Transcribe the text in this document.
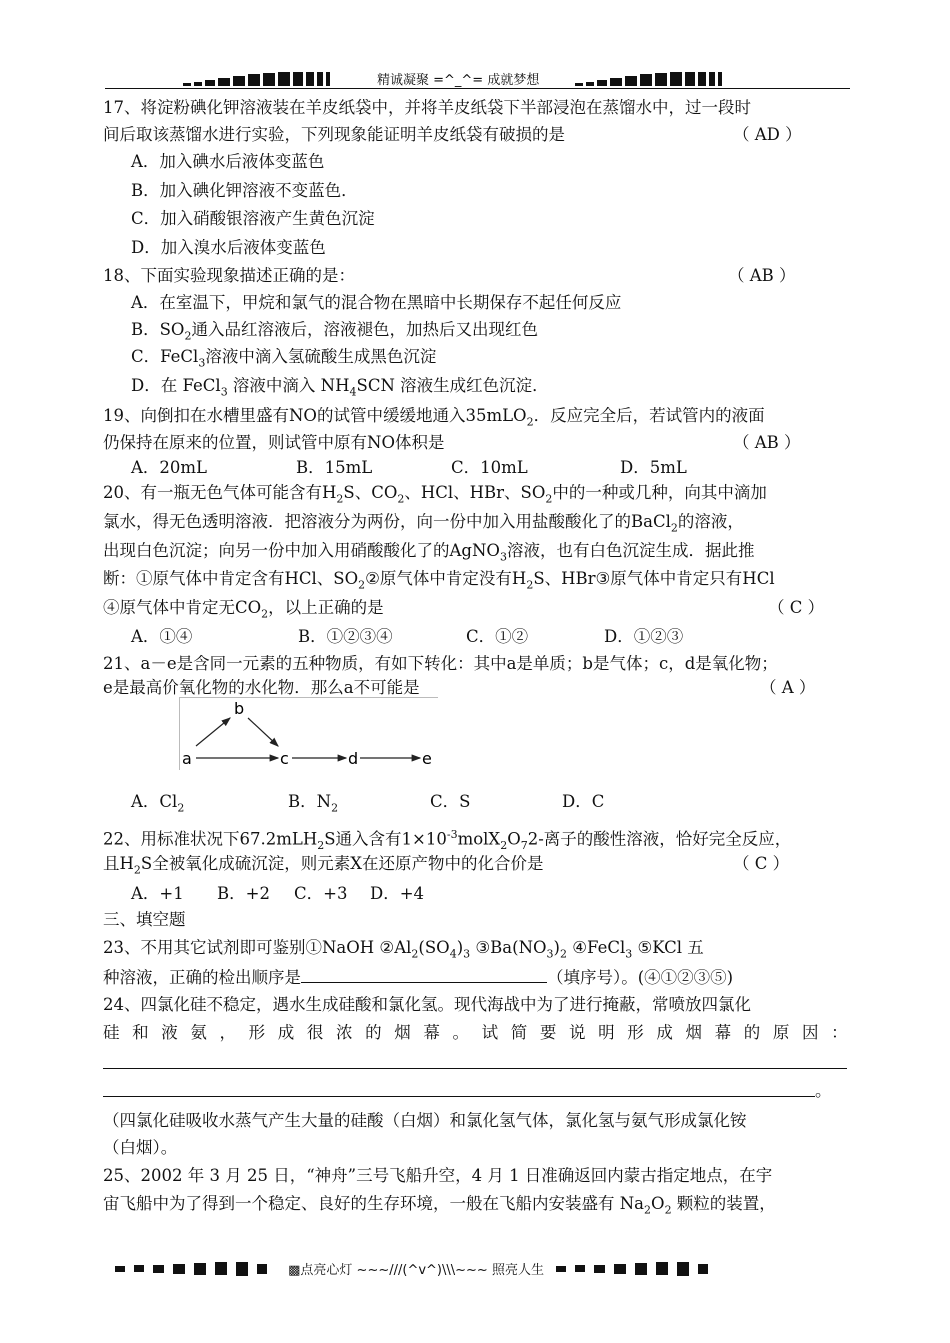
精诚凝聚 =^_^= 成就梦想
17、将淀粉碘化钾溶液装在羊皮纸袋中，并将羊皮纸袋下半部浸泡在蒸馏水中，过一段时
间后取该蒸馏水进行实验，下列现象能证明羊皮纸袋有破损的是	（ AD ）
A．加入碘水后液体变蓝色
B．加入碘化钾溶液不变蓝色．
C．加入硝酸银溶液产生黄色沉淀
D．加入溴水后液体变蓝色
18、下面实验现象描述正确的是：	（ AB ）
A．在室温下，甲烷和氯气的混合物在黑暗中长期保存不起任何反应
B．$SO_2$通入品红溶液后，溶液褪色，加热后又出现红色
C．FeCl$_3$溶液中滴入氢硫酸生成黑色沉淀
D．在 FeCl$_3$ 溶液中滴入 $NH_4SCN$ 溶液生成红色沉淀．
19、向倒扣在水槽里盛有NO的试管中缓缓地通入35mLO$_2$．反应完全后，若试管内的液面
仍保持在原来的位置，则试管中原有NO体积是	（ AB ）
A．20mL	B．15mL	C．10mL	D．5mL
20、有一瓶无色气体可能含有$H_2S$、$CO_2$、HCl、HBr、$SO_2$中的一种或几种，向其中滴加
氯水，得无色透明溶液．把溶液分为两份，向一份中加入用盐酸酸化了的BaCl$_2$的溶液，
出现白色沉淀；向另一份中加入用硝酸酸化了的AgNO$_3$溶液，也有白色沉淀生成．据此推
断：①原气体中肯定含有HCl、$SO_2②$原气体中肯定没有$H_2S$、HBr③原气体中肯定只有HCl
④原气体中肯定无$CO_2$，以上正确的是	（ C ）
A．①④	B．①②③④	C．①②	D．①②③
21、a－e是含同一元素的五种物质，有如下转化：其中a是单质；b是气体；c，d是氧化物；
e是最高价氧化物的水化物．那么a不可能是	（ A ）
a
b
c	d	e
A．$Cl_2$	B．$N_2$	C．S	D．C
22、用标准状况下67.2mLH$_2$S通入含有$1\times 10^{-3}molX_2O_72-$离子的酸性溶液，恰好完全反应，
且$H_2S$全被氧化成硫沉淀，则元素X在还原产物中的化合价是	（ C ）
A．+1 B．+2 C．+3 D．+4
三、填空题
23、不用其它试剂即可鉴别①NaOH $②Al_2(SO_4)_3$ $③Ba(NO_3)_2$ ④FeCl$_3$ ⑤KCl 五
种溶液，正确的检出顺序是	（填序号）。(④①②③⑤)
24、四氯化硅不稳定，遇水生成硅酸和氯化氢。现代海战中为了进行掩蔽，常喷放四氯化
硅 和 液 氨 ， 形 成 很 浓 的 烟 幕 。 试 简 要 说 明 形 成 烟 幕 的 原 因 ：
。
（四氯化硅吸收水蒸气产生大量的硅酸（白烟）和氯化氢气体，氯化氢与氨气形成氯化铵
（白烟）。
25、2002 年 3 月 25 日，“神舟”三号飞船升空，4 月 1 日准确返回内蒙古指定地点，在宇
宙飞船中为了得到一个稳定、良好的生存环境，一般在飞船内安装盛有 $Na_2O_2$ 颗粒的装置，
▩点亮心灯 ~~~///(^v^)\\\~~~ 照亮人生
